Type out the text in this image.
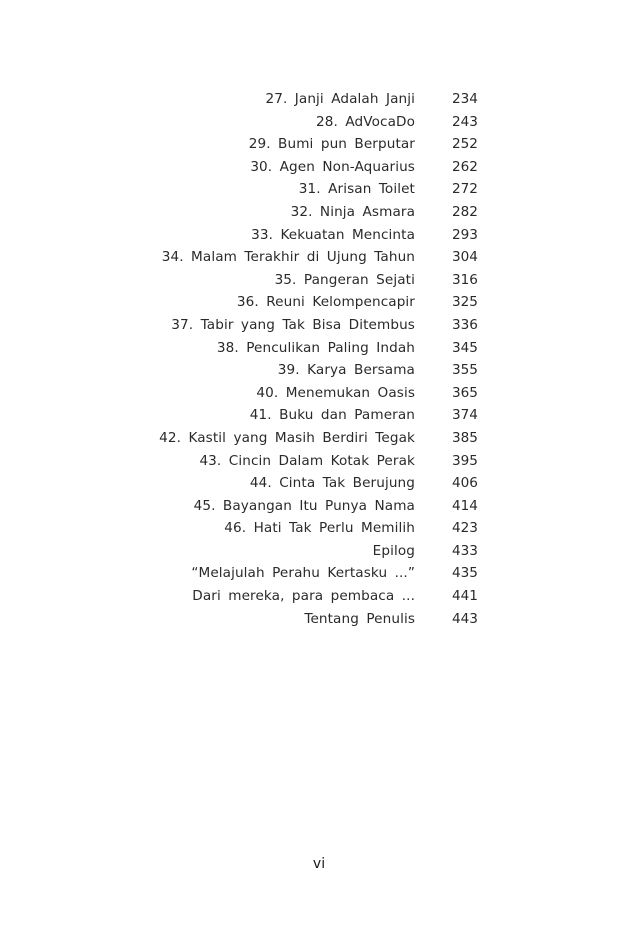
27. Janji Adalah Janji	234
28. AdVocaDo	243
29. Bumi pun Berputar	252
30. Agen Non-Aquarius	262
31. Arisan Toilet	272
32. Ninja Asmara	282
33. Kekuatan Mencinta	293
34. Malam Terakhir di Ujung Tahun	304
35. Pangeran Sejati	316
36. Reuni Kelompencapir	325
37. Tabir yang Tak Bisa Ditembus	336
38. Penculikan Paling Indah	345
39. Karya Bersama	355
40. Menemukan Oasis	365
41. Buku dan Pameran	374
42. Kastil yang Masih Berdiri Tegak	385
43. Cincin Dalam Kotak Perak	395
44. Cinta Tak Berujung	406
45. Bayangan Itu Punya Nama	414
46. Hati Tak Perlu Memilih	423
Epilog	433
“Melajulah Perahu Kertasku ...”	435
Dari mereka, para pembaca ...	441
Tentang Penulis	443
vi
